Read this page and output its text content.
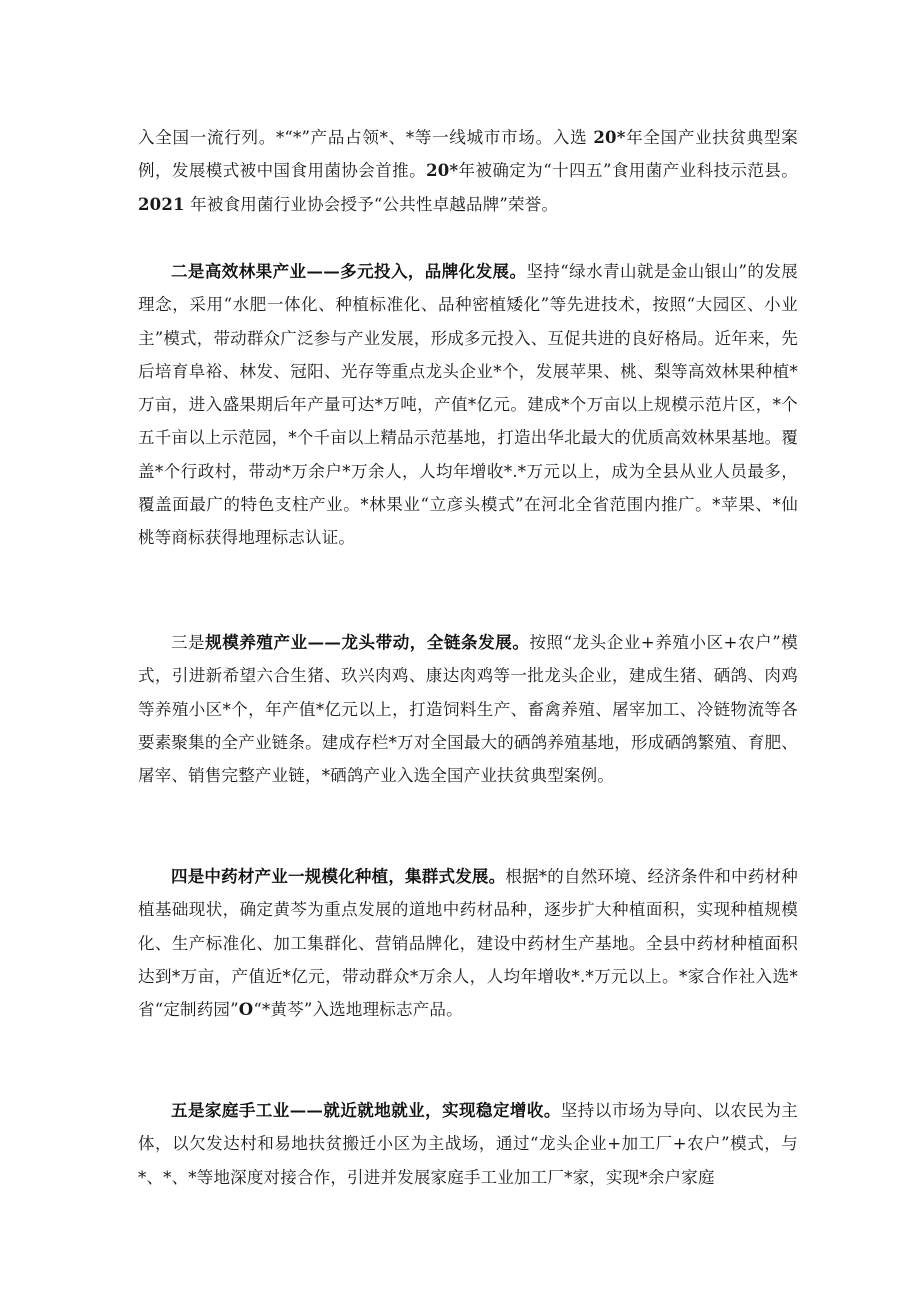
入全国一流行列。*“*”产品占领*、*等一线城市市场。入选 20*年全国产业扶贫典型案例，发展模式被中国食用菌协会首推。20*年被确定为“十四五”食用菌产业科技示范县。2021 年被食用菌行业协会授予“公共性卓越品牌”荣誉。

二是高效林果产业——多元投入，品牌化发展。坚持“绿水青山就是金山银山”的发展理念，采用“水肥一体化、种植标准化、品种密植矮化”等先进技术，按照“大园区、小业主”模式，带动群众广泛参与产业发展，形成多元投入、互促共进的良好格局。近年来，先后培育阜裕、林发、冠阳、光存等重点龙头企业*个，发展苹果、桃、梨等高效林果种植*万亩，进入盛果期后年产量可达*万吨，产值*亿元。建成*个万亩以上规模示范片区，*个五千亩以上示范园，*个千亩以上精品示范基地，打造出华北最大的优质高效林果基地。覆盖*个行政村，带动*万余户*万余人，人均年增收*.*万元以上，成为全县从业人员最多，覆盖面最广的特色支柱产业。*林果业“立彦头模式”在河北全省范围内推广。*苹果、*仙桃等商标获得地理标志认证。

三是规模养殖产业——龙头带动，全链条发展。按照“龙头企业+养殖小区+农户”模式，引进新希望六合生猪、玖兴肉鸡、康达肉鸡等一批龙头企业，建成生猪、硒鸽、肉鸡等养殖小区*个，年产值*亿元以上，打造饲料生产、畜禽养殖、屠宰加工、冷链物流等各要素聚集的全产业链条。建成存栏*万对全国最大的硒鸽养殖基地，形成硒鸽繁殖、育肥、屠宰、销售完整产业链，*硒鸽产业入选全国产业扶贫典型案例。

四是中药材产业一规模化种植，集群式发展。根据*的自然环境、经济条件和中药材种植基础现状，确定黄芩为重点发展的道地中药材品种，逐步扩大种植面积，实现种植规模化、生产标准化、加工集群化、营销品牌化，建设中药材生产基地。全县中药材种植面积达到*万亩，产值近*亿元，带动群众*万余人，人均年增收*.*万元以上。*家合作社入选*省“定制药园”O“*黄芩”入选地理标志产品。

五是家庭手工业——就近就地就业，实现稳定增收。坚持以市场为导向、以农民为主体，以欠发达村和易地扶贫搬迁小区为主战场，通过“龙头企业+加工厂+农户”模式，与*、*、*等地深度对接合作，引进并发展家庭手工业加工厂*家，实现*余户家庭
